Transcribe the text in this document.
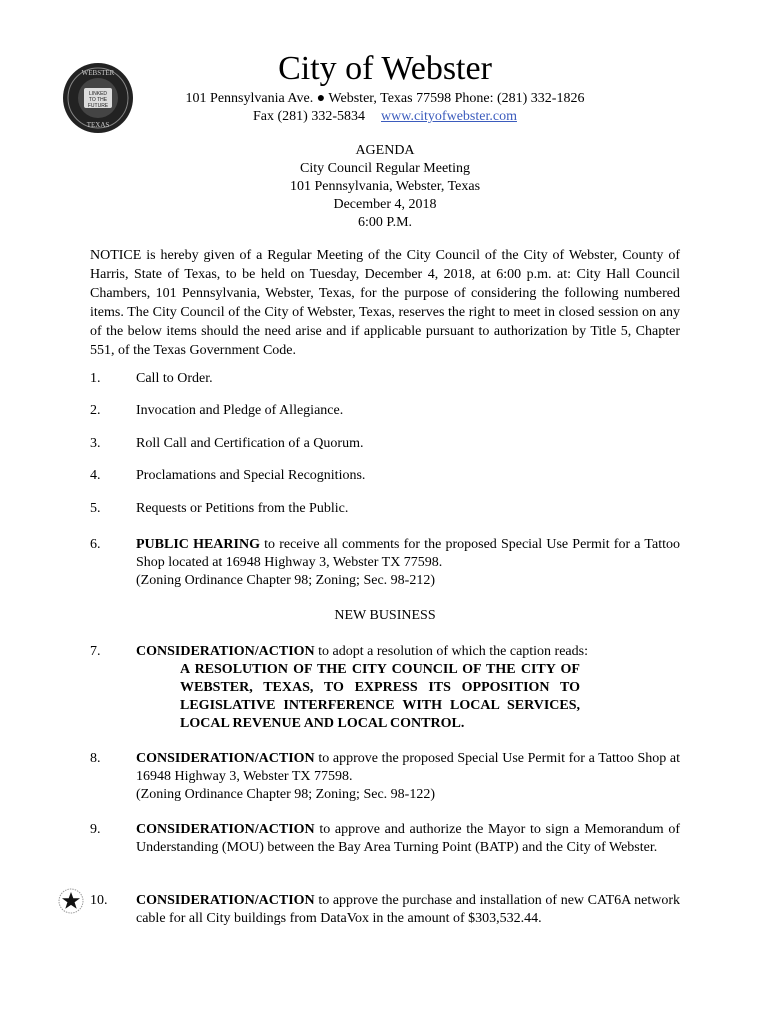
LINKED
TO THE
FUTURE
WEBSTER
TEXAS
City of Webster
101 Pennsylvania Ave. ● Webster, Texas 77598 Phone: (281) 332-1826
Fax (281) 332-5834 www.cityofwebster.com
AGENDA
City Council Regular Meeting
101 Pennsylvania, Webster, Texas
December 4, 2018
6:00 P.M.
NOTICE is hereby given of a Regular Meeting of the City Council of the City of Webster, County of Harris, State of Texas, to be held on Tuesday, December 4, 2018, at 6:00 p.m. at: City Hall Council Chambers, 101 Pennsylvania, Webster, Texas, for the purpose of considering the following numbered items. The City Council of the City of Webster, Texas, reserves the right to meet in closed session on any of the below items should the need arise and if applicable pursuant to authorization by Title 5, Chapter 551, of the Texas Government Code.
1.	Call to Order.
2.	Invocation and Pledge of Allegiance.
3.	Roll Call and Certification of a Quorum.
4.	Proclamations and Special Recognitions.
5.	Requests or Petitions from the Public.
6.	PUBLIC HEARING to receive all comments for the proposed Special Use Permit for a Tattoo Shop located at 16948 Highway 3, Webster TX 77598.
(Zoning Ordinance Chapter 98; Zoning; Sec. 98-212)
NEW BUSINESS
7.	CONSIDERATION/ACTION to adopt a resolution of which the caption reads:
A RESOLUTION OF THE CITY COUNCIL OF THE CITY OF WEBSTER, TEXAS, TO EXPRESS ITS OPPOSITION TO LEGISLATIVE INTERFERENCE WITH LOCAL SERVICES, LOCAL REVENUE AND LOCAL CONTROL.
8.	CONSIDERATION/ACTION to approve the proposed Special Use Permit for a Tattoo Shop at 16948 Highway 3, Webster TX 77598.
(Zoning Ordinance Chapter 98; Zoning; Sec. 98-122)
9.	CONSIDERATION/ACTION to approve and authorize the Mayor to sign a Memorandum of Understanding (MOU) between the Bay Area Turning Point (BATP) and the City of Webster.
10.	CONSIDERATION/ACTION to approve the purchase and installation of new CAT6A network cable for all City buildings from DataVox in the amount of $303,532.44.
